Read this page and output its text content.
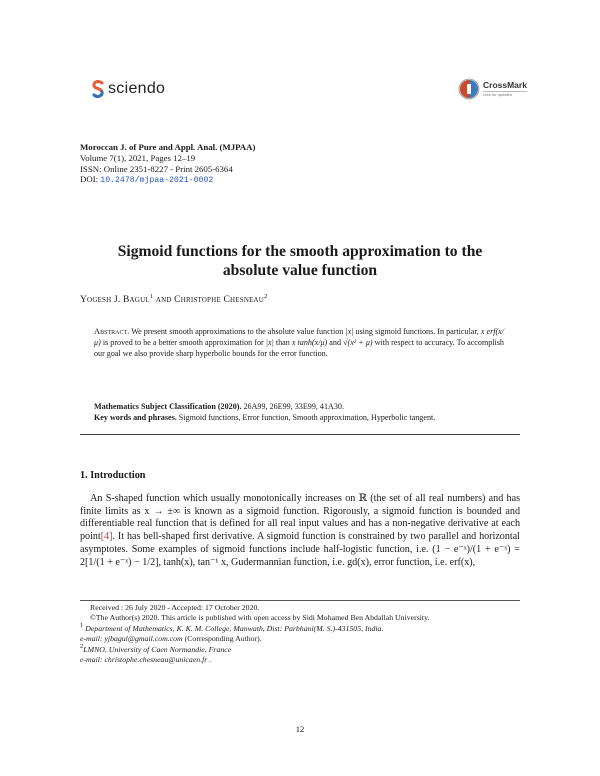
sciendo	CrossMark
click for updates
Moroccan J. of Pure and Appl. Anal. (MJPAA)
Volume 7(1), 2021, Pages 12–19
ISSN: Online 2351-8227 - Print 2605-6364
DOI: 10.2478/mjpaa-2021-0002
Sigmoid functions for the smooth approximation to the
absolute value function
Yogesh J. Bagul$^1$ and Christophe Chesneau$^2$
Abstract. We present smooth approximations to the absolute value function |x| using sigmoid functions. In particular, x erf(x/μ) is proved to be a better smooth approximation for |x| than x tanh(x/μ) and √(x² + μ) with respect to accuracy. To accomplish our goal we also provide sharp hyperbolic bounds for the error function.
Mathematics Subject Classification (2020). 26A99, 26E99, 33E99, 41A30.
Key words and phrases. Sigmoid functions, Error function, Smooth approximation, Hyperbolic tangent.
1. Introduction
 An S-shaped function which usually monotonically increases on ℝ (the set of all real numbers) and has finite limits as x → ±∞ is known as a sigmoid function. Rigorously, a sigmoid function is bounded and differentiable real function that is defined for all real input values and has a non-negative derivative at each point[4]. It has bell-shaped first derivative. A sigmoid function is constrained by two parallel and horizontal asymptotes. Some examples of sigmoid functions include half-logistic function, i.e. (1 − e⁻ˣ)/(1 + e⁻ˣ) = 2[1/(1 + e⁻ˣ) − 1/2], tanh(x), tan⁻¹ x, Gudermannian function, i.e. gd(x), error function, i.e. erf(x),
Received : 26 July 2020 - Accepted: 17 October 2020.
©The Author(s) 2020. This article is published with open access by Sidi Mohamed Ben Abdallah University.
$^1$ Department of Mathematics, K. K. M. College, Manwath, Dist: Parbhani(M. S.)-431505, India.
e-mail: yjbagul@gmail.com.com (Corresponding Author).
$^2$LMNO, University of Caen Normandie, France
e-mail: christophe.chesneau@unicaen.fr .
12
